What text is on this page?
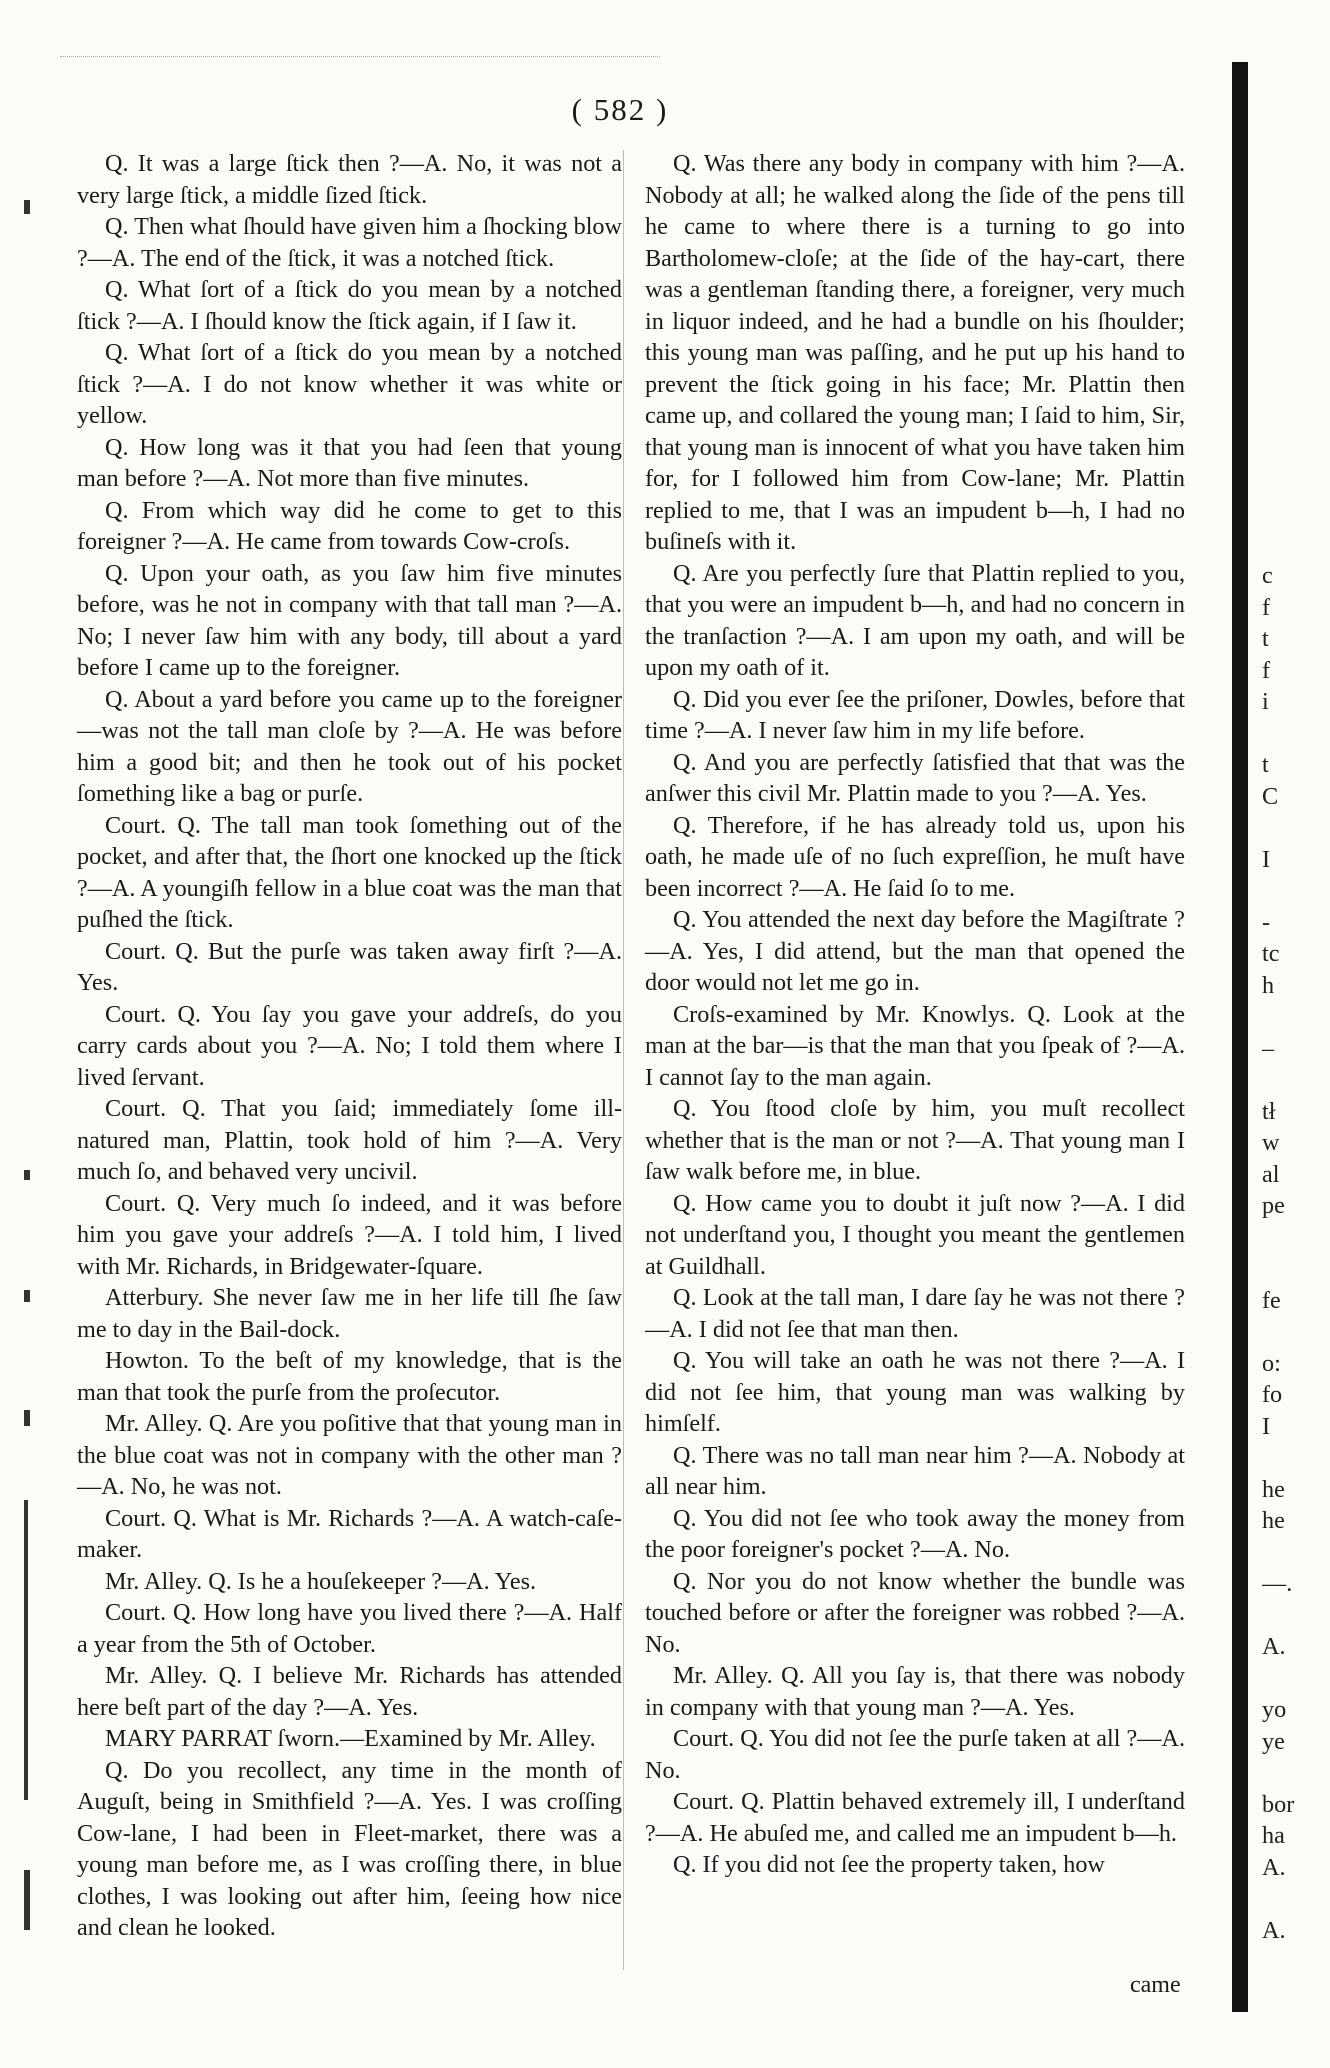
( 582 )

Q. It was a large ſtick then ?—A. No, it was not a very large ſtick, a middle ſized ſtick.

Q. Then what ſhould have given him a ſhocking blow ?—A. The end of the ſtick, it was a notched ſtick.

Q. What ſort of a ſtick do you mean by a notched ſtick ?—A. I ſhould know the ſtick again, if I ſaw it.

Q. What ſort of a ſtick do you mean by a notched ſtick ?—A. I do not know whether it was white or yellow.

Q. How long was it that you had ſeen that young man before ?—A. Not more than five minutes.

Q. From which way did he come to get to this foreigner ?—A. He came from towards Cow-croſs.

Q. Upon your oath, as you ſaw him five minutes before, was he not in company with that tall man ?—A. No; I never ſaw him with any body, till about a yard before I came up to the foreigner.

Q. About a yard before you came up to the foreigner—was not the tall man cloſe by ?—A. He was before him a good bit; and then he took out of his pocket ſomething like a bag or purſe.

Court. Q. The tall man took ſomething out of the pocket, and after that, the ſhort one knocked up the ſtick ?—A. A youngiſh fellow in a blue coat was the man that puſhed the ſtick.

Court. Q. But the purſe was taken away firſt ?—A. Yes.

Court. Q. You ſay you gave your addreſs, do you carry cards about you ?—A. No; I told them where I lived ſervant.

Court. Q. That you ſaid; immediately ſome ill-natured man, Plattin, took hold of him ?—A. Very much ſo, and behaved very uncivil.

Court. Q. Very much ſo indeed, and it was before him you gave your addreſs ?—A. I told him, I lived with Mr. Richards, in Bridgewater-ſquare.

Atterbury. She never ſaw me in her life till ſhe ſaw me to day in the Bail-dock.

Howton. To the beſt of my knowledge, that is the man that took the purſe from the proſecutor.

Mr. Alley. Q. Are you poſitive that that young man in the blue coat was not in company with the other man ?—A. No, he was not.

Court. Q. What is Mr. Richards ?—A. A watch-caſe-maker.

Mr. Alley. Q. Is he a houſekeeper ?—A. Yes.

Court. Q. How long have you lived there ?—A. Half a year from the 5th of October.

Mr. Alley. Q. I believe Mr. Richards has attended here beſt part of the day ?—A. Yes.

MARY PARRAT ſworn.—Examined by Mr. Alley.

Q. Do you recollect, any time in the month of Auguſt, being in Smithfield ?—A. Yes. I was croſſing Cow-lane, I had been in Fleet-market, there was a young man before me, as I was croſſing there, in blue clothes, I was looking out after him, ſeeing how nice and clean he looked.

Q. Was there any body in company with him ?—A. Nobody at all; he walked along the ſide of the pens till he came to where there is a turning to go into Bartholomew-cloſe; at the ſide of the hay-cart, there was a gentleman ſtanding there, a foreigner, very much in liquor indeed, and he had a bundle on his ſhoulder; this young man was paſſing, and he put up his hand to prevent the ſtick going in his face; Mr. Plattin then came up, and collared the young man; I ſaid to him, Sir, that young man is innocent of what you have taken him for, for I followed him from Cow-lane; Mr. Plattin replied to me, that I was an impudent b—h, I had no buſineſs with it.

Q. Are you perfectly ſure that Plattin replied to you, that you were an impudent b—h, and had no concern in the tranſaction ?—A. I am upon my oath, and will be upon my oath of it.

Q. Did you ever ſee the priſoner, Dowles, before that time ?—A. I never ſaw him in my life before.

Q. And you are perfectly ſatisfied that that was the anſwer this civil Mr. Plattin made to you ?—A. Yes.

Q. Therefore, if he has already told us, upon his oath, he made uſe of no ſuch expreſſion, he muſt have been incorrect ?—A. He ſaid ſo to me.

Q. You attended the next day before the Magiſtrate ?—A. Yes, I did attend, but the man that opened the door would not let me go in.

Croſs-examined by Mr. Knowlys. Q. Look at the man at the bar—is that the man that you ſpeak of ?—A. I cannot ſay to the man again.

Q. You ſtood cloſe by him, you muſt recollect whether that is the man or not ?—A. That young man I ſaw walk before me, in blue.

Q. How came you to doubt it juſt now ?—A. I did not underſtand you, I thought you meant the gentlemen at Guildhall.

Q. Look at the tall man, I dare ſay he was not there ?—A. I did not ſee that man then.

Q. You will take an oath he was not there ?—A. I did not ſee him, that young man was walking by himſelf.

Q. There was no tall man near him ?—A. Nobody at all near him.

Q. You did not ſee who took away the money from the poor foreigner's pocket ?—A. No.

Q. Nor you do not know whether the bundle was touched before or after the foreigner was robbed ?—A. No.

Mr. Alley. Q. All you ſay is, that there was nobody in company with that young man ?—A. Yes.

Court. Q. You did not ſee the purſe taken at all ?—A. No.

Court. Q. Plattin behaved extremely ill, I underſtand ?—A. He abuſed me, and called me an impudent b—h.

Q. If you did not ſee the property taken, how

came
c
f
t
f
i
t
C
I
-
tc
h
–
tł
w
al
pe
fe
o:
fo
I
he
he
—.
A.
yo
ye
bor
ha
A.
A.
